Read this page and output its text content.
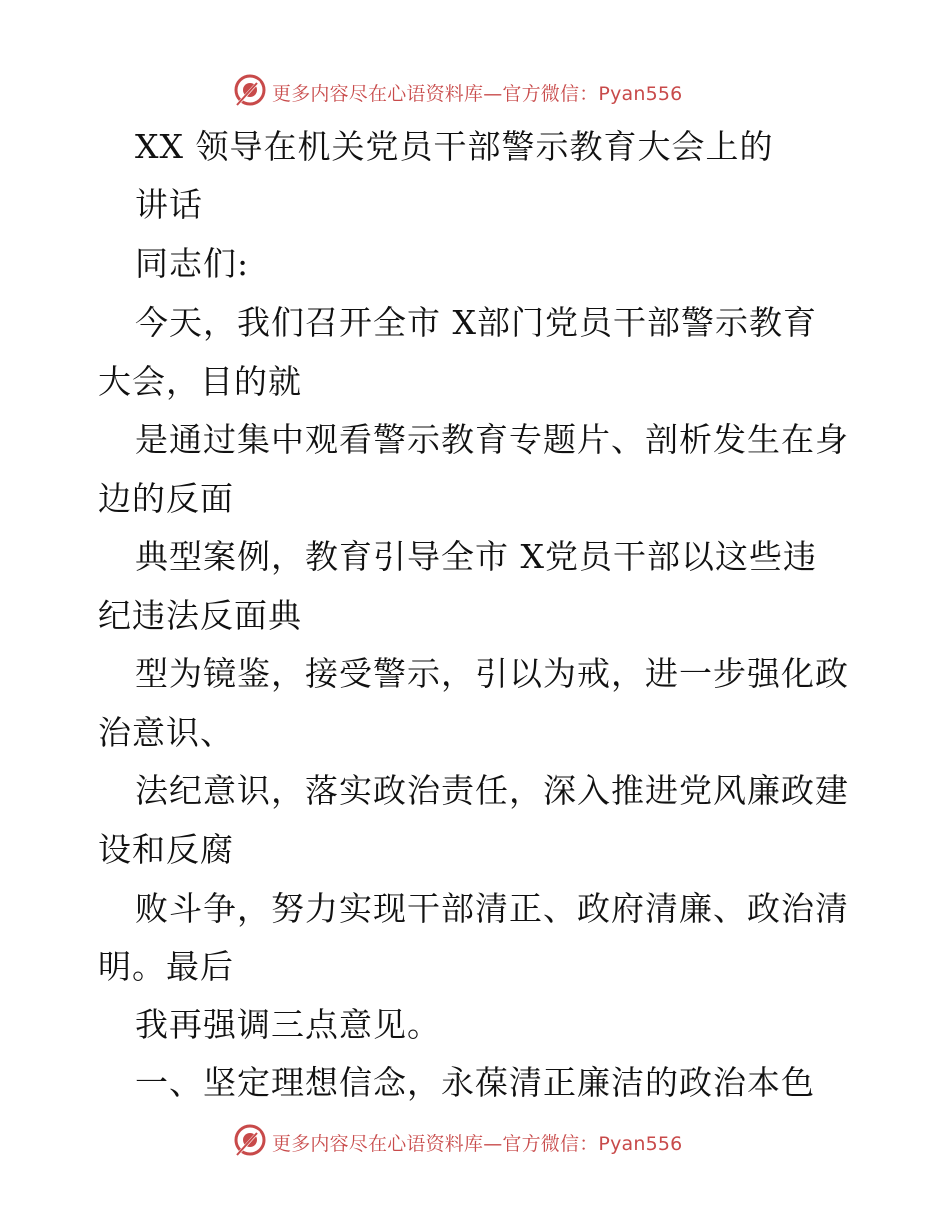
更多内容尽在心语资料库—官方微信：Pyan556
XX 领导在机关党员干部警示教育大会上的
讲话
同志们:
今天，我们召开全市 X部门党员干部警示教育
大会，目的就
是通过集中观看警示教育专题片、剖析发生在身
边的反面
典型案例，教育引导全市 X党员干部以这些违
纪违法反面典
型为镜鉴，接受警示，引以为戒，进一步强化政
治意识、
法纪意识，落实政治责任，深入推进党风廉政建
设和反腐
败斗争，努力实现干部清正、政府清廉、政治清
明。最后
我再强调三点意见。
一、坚定理想信念，永葆清正廉洁的政治本色
更多内容尽在心语资料库—官方微信：Pyan556
